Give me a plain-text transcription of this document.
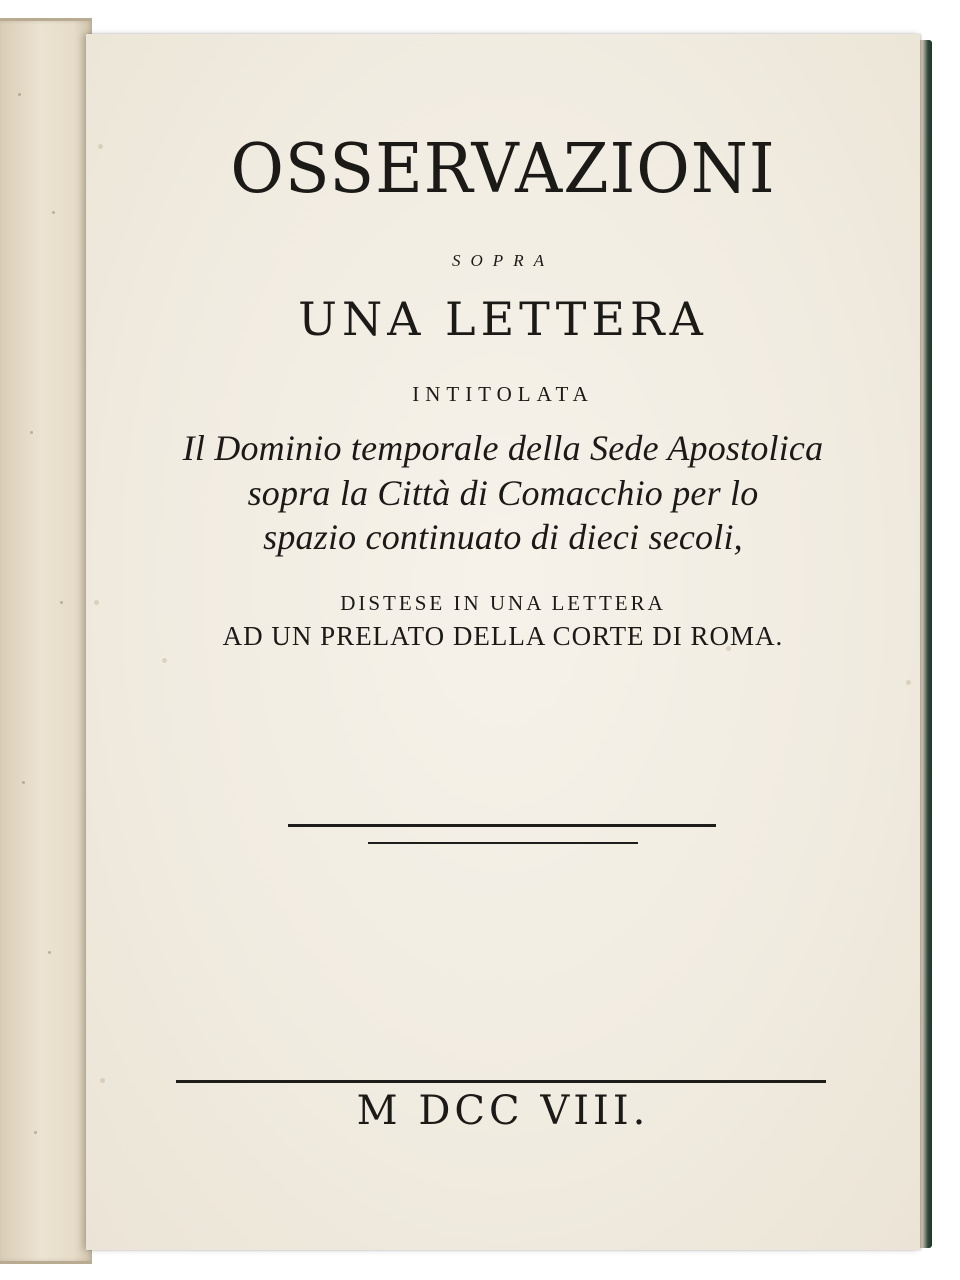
OSSERVAZIONI
sopra
UNA LETTERA
INTITOLATA
Il Dominio temporale della Sede Apostolica
sopra la Città di Comacchio per lo
spazio continuato di dieci secoli,
DISTESE IN UNA LETTERA
AD UN PRELATO DELLA CORTE DI ROMA.
M DCC VIII.
